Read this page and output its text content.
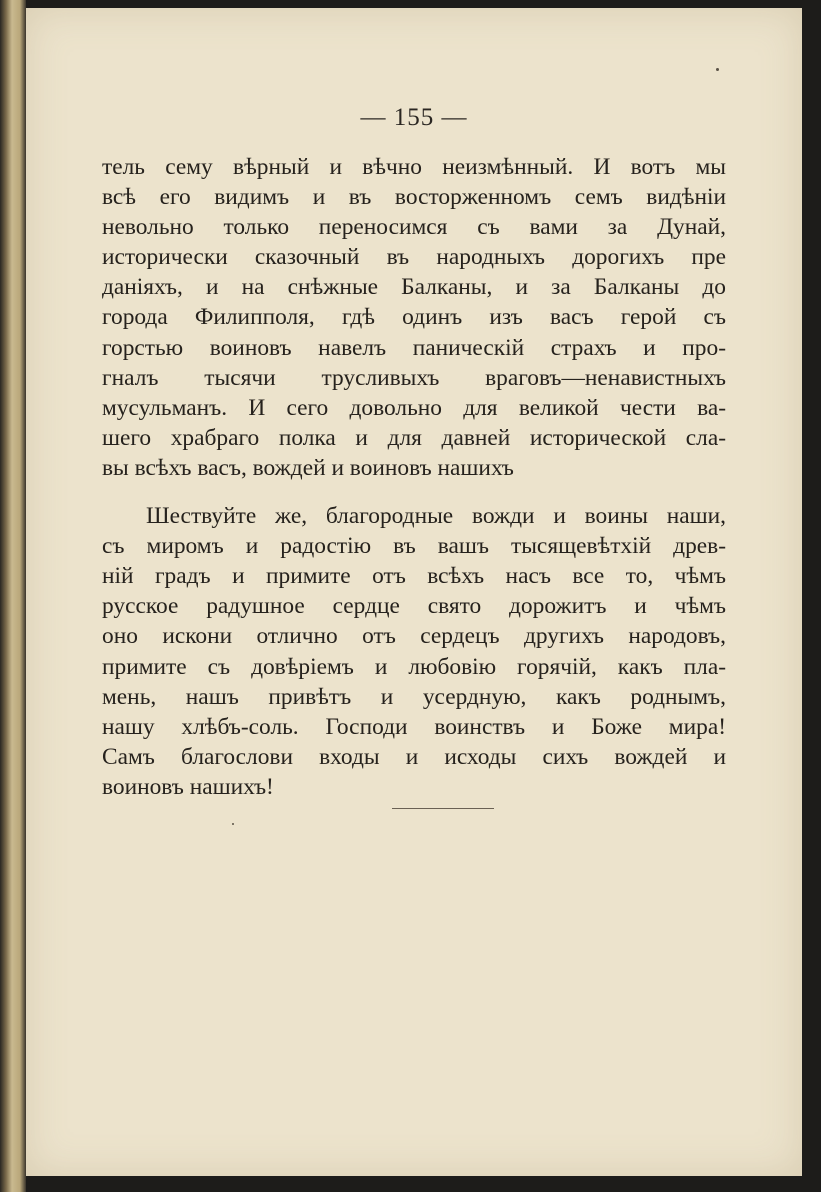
— 155 —

тель сему вѣрный и вѣчно неизмѣнный. И вотъ мы
всѣ его видимъ и въ восторженномъ семъ видѣніи
невольно только переносимся съ вами за Дунай,
исторически сказочный въ народныхъ дорогихъ пре
даніяхъ, и на снѣжные Балканы, и за Балканы до
города Филипполя, гдѣ одинъ изъ васъ герой съ
горстью воиновъ навелъ паническій страхъ и про-
гналъ тысячи трусливыхъ враговъ—ненавистныхъ
мусульманъ. И сего довольно для великой чести ва-
шего храбраго полка и для давней исторической сла-
вы всѣхъ васъ, вождей и воиновъ нашихъ

Шествуйте же, благородные вожди и воины наши,
съ миромъ и радостію въ вашъ тысящевѣтхій древ-
ній градъ и примите отъ всѣхъ насъ все то, чѣмъ
русское радушное сердце свято дорожитъ и чѣмъ
оно искони отлично отъ сердецъ другихъ народовъ,
примите съ довѣріемъ и любовію горячій, какъ пла-
мень, нашъ привѣтъ и усердную, какъ роднымъ,
нашу хлѣбъ-соль. Господи воинствъ и Боже мира!
Самъ благослови входы и исходы сихъ вождей и
воиновъ нашихъ!
